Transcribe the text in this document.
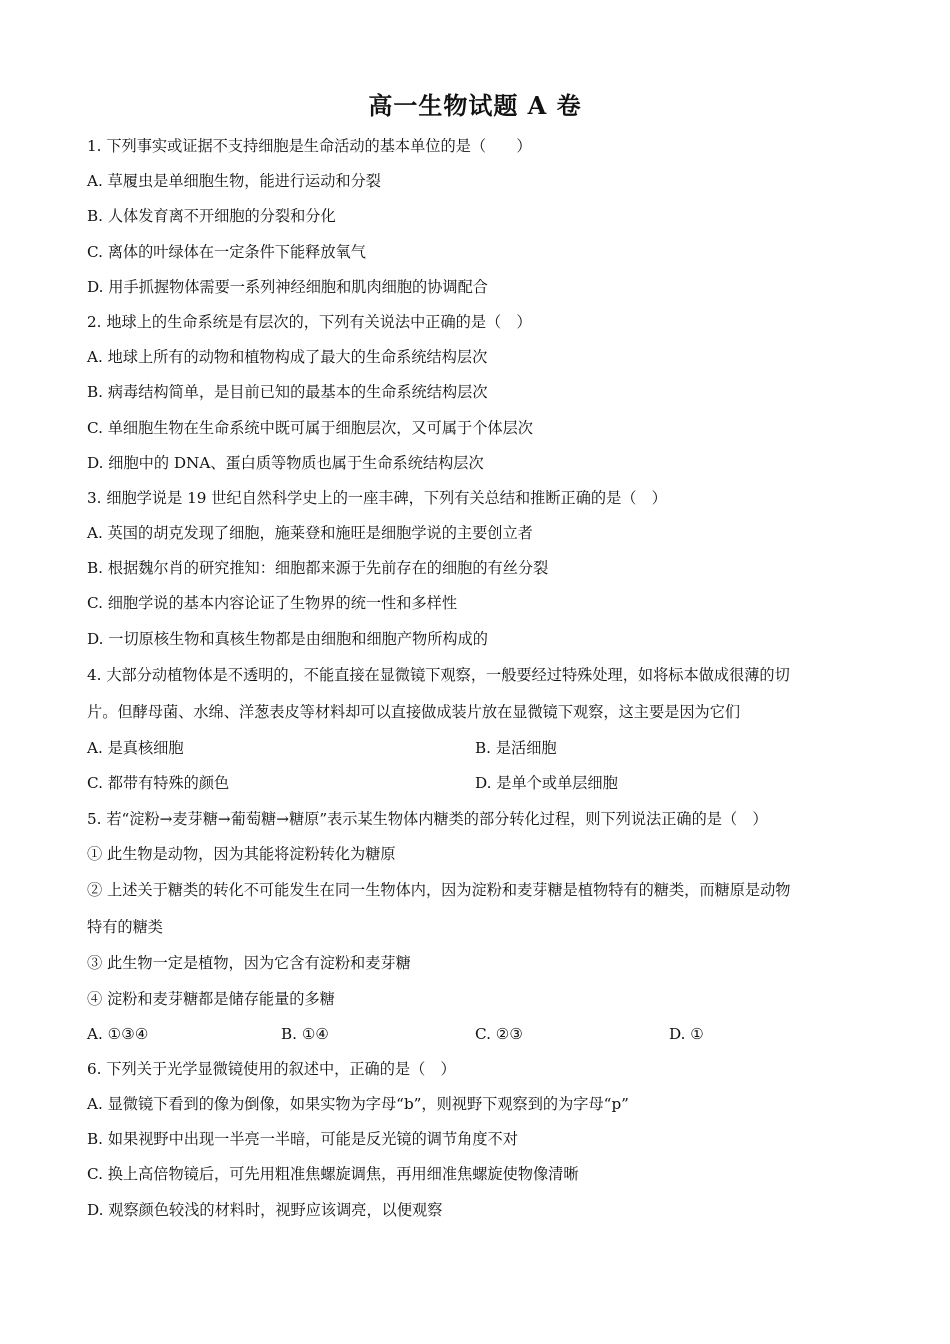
高一生物试题 A 卷
1. 下列事实或证据不支持细胞是生命活动的基本单位的是（　　）
A. 草履虫是单细胞生物，能进行运动和分裂
B. 人体发育离不开细胞的分裂和分化
C. 离体的叶绿体在一定条件下能释放氧气
D. 用手抓握物体需要一系列神经细胞和肌肉细胞的协调配合
2. 地球上的生命系统是有层次的，下列有关说法中正确的是（　）
A. 地球上所有的动物和植物构成了最大的生命系统结构层次
B. 病毒结构简单，是目前已知的最基本的生命系统结构层次
C. 单细胞生物在生命系统中既可属于细胞层次，又可属于个体层次
D. 细胞中的 DNA、蛋白质等物质也属于生命系统结构层次
3. 细胞学说是 19 世纪自然科学史上的一座丰碑，下列有关总结和推断正确的是（　）
A. 英国的胡克发现了细胞，施莱登和施旺是细胞学说的主要创立者
B. 根据魏尔肖的研究推知：细胞都来源于先前存在的细胞的有丝分裂
C. 细胞学说的基本内容论证了生物界的统一性和多样性
D. 一切原核生物和真核生物都是由细胞和细胞产物所构成的
4. 大部分动植物体是不透明的，不能直接在显微镜下观察，一般要经过特殊处理，如将标本做成很薄的切
片。但酵母菌、水绵、洋葱表皮等材料却可以直接做成装片放在显微镜下观察，这主要是因为它们
A. 是真核细胞	B. 是活细胞
C. 都带有特殊的颜色	D. 是单个或单层细胞
5. 若“淀粉→麦芽糖→葡萄糖→糖原”表示某生物体内糖类的部分转化过程，则下列说法正确的是（　）
① 此生物是动物，因为其能将淀粉转化为糖原
② 上述关于糖类的转化不可能发生在同一生物体内，因为淀粉和麦芽糖是植物特有的糖类，而糖原是动物
特有的糖类
③ 此生物一定是植物，因为它含有淀粉和麦芽糖
④ 淀粉和麦芽糖都是储存能量的多糖
A. ①③④	B. ①④	C. ②③	D. ①
6. 下列关于光学显微镜使用的叙述中，正确的是（　）
A. 显微镜下看到的像为倒像，如果实物为字母“b”，则视野下观察到的为字母“p”
B. 如果视野中出现一半亮一半暗，可能是反光镜的调节角度不对
C. 换上高倍物镜后，可先用粗准焦螺旋调焦，再用细准焦螺旋使物像清晰
D. 观察颜色较浅的材料时，视野应该调亮，以便观察
